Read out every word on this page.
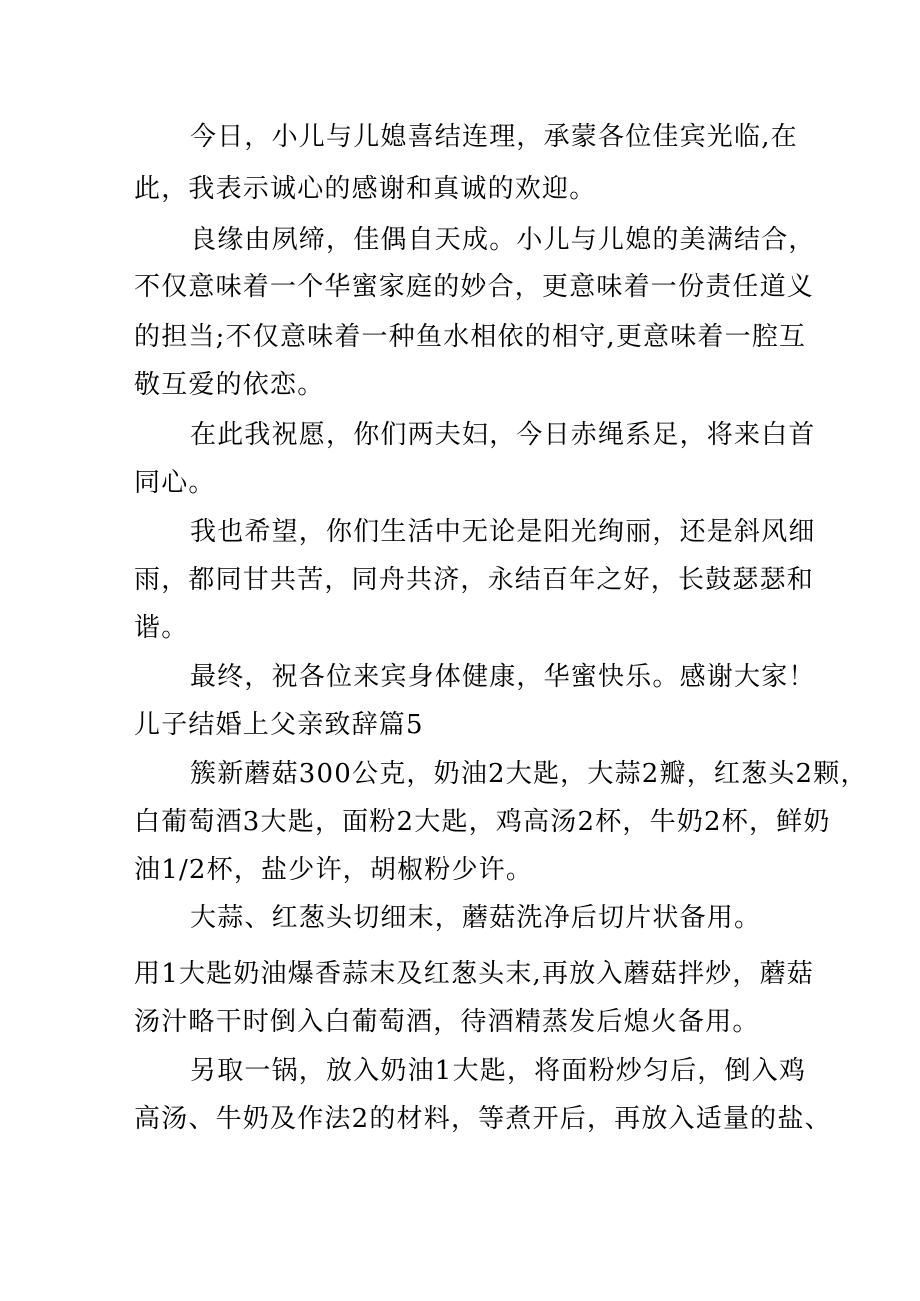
今日，小儿与儿媳喜结连理，承蒙各位佳宾光临,在
此，我表示诚心的感谢和真诚的欢迎。
良缘由夙缔，佳偶自天成。小儿与儿媳的美满结合，
不仅意味着一个华蜜家庭的妙合，更意味着一份责任道义
的担当;不仅意味着一种鱼水相依的相守,更意味着一腔互
敬互爱的依恋。
在此我祝愿，你们两夫妇，今日赤绳系足，将来白首
同心。
我也希望，你们生活中无论是阳光绚丽，还是斜风细
雨，都同甘共苦，同舟共济，永结百年之好，长鼓瑟瑟和
谐。
最终，祝各位来宾身体健康，华蜜快乐。感谢大家！
儿子结婚上父亲致辞篇5
簇新蘑菇300公克，奶油2大匙，大蒜2瓣，红葱头2颗，
白葡萄酒3大匙，面粉2大匙，鸡高汤2杯，牛奶2杯，鲜奶
油1/2杯，盐少许，胡椒粉少许。
大蒜、红葱头切细末，蘑菇洗净后切片状备用。
用1大匙奶油爆香蒜末及红葱头末,再放入蘑菇拌炒，蘑菇
汤汁略干时倒入白葡萄酒，待酒精蒸发后熄火备用。
另取一锅，放入奶油1大匙，将面粉炒匀后，倒入鸡
高汤、牛奶及作法2的材料，等煮开后，再放入适量的盐、
